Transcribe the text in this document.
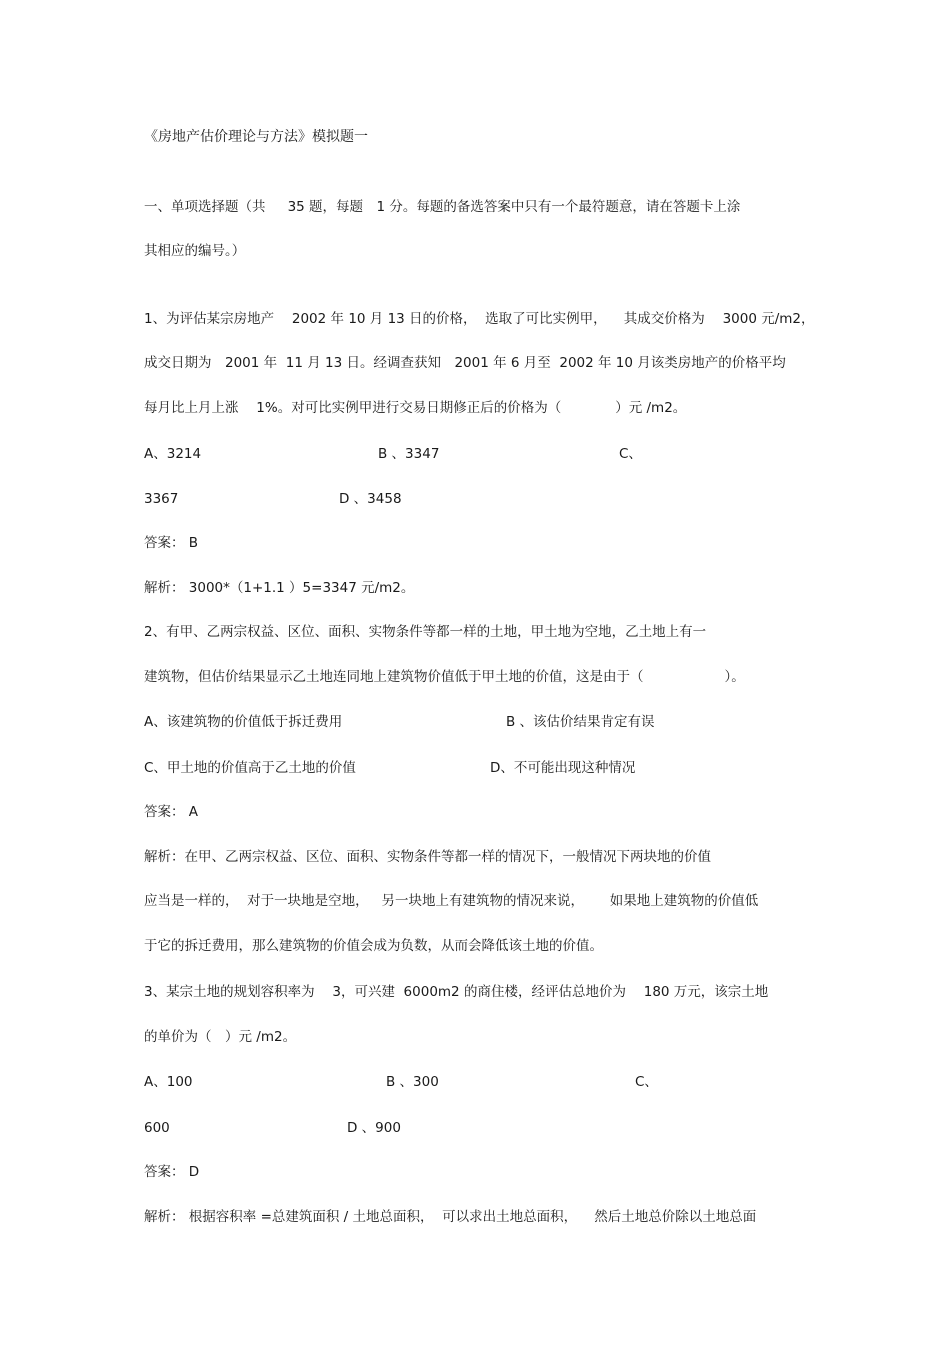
《房地产估价理论与方法》模拟题一
一、单项选择题（共　  35 题，每题　1 分。每题的备选答案中只有一个最符题意，请在答题卡上涂
其相应的编号。）
1、为评估某宗房地产　 2002 年 10 月 13 日的价格，  选取了可比实例甲，    其成交价格为　 3000 元/m2，
成交日期为　2001 年  11 月 13 日。经调查获知　2001 年 6 月至  2002 年 10 月该类房地产的价格平均
每月比上月上涨　 1%。对可比实例甲进行交易日期修正后的价格为（　　　　）元 /m2。
A、3214	B 、3347	C、
3367	D 、3458
答案： B
解析： 3000*（1+1.1 ）5=3347 元/m2。
2、有甲、乙两宗权益、区位、面积、实物条件等都一样的土地，甲土地为空地，乙土地上有一
建筑物，但估价结果显示乙土地连同地上建筑物价值低于甲土地的价值，这是由于（　　　　　　）。
A、该建筑物的价值低于拆迁费用	B 、该估价结果肯定有误
C、甲土地的价值高于乙土地的价值	D、不可能出现这种情况
答案： A
解析：在甲、乙两宗权益、区位、面积、实物条件等都一样的情况下，一般情况下两块地的价值
应当是一样的，  对于一块地是空地，   另一块地上有建筑物的情况来说，      如果地上建筑物的价值低
于它的拆迁费用，那么建筑物的价值会成为负数，从而会降低该土地的价值。
3、某宗土地的规划容积率为　 3，可兴建  6000m2 的商住楼，经评估总地价为　 180 万元，该宗土地
的单价为（　）元 /m2。
A、100	B 、300	C、
600	D 、900
答案： D
解析： 根据容积率 =总建筑面积 / 土地总面积，  可以求出土地总面积，    然后土地总价除以土地总面
